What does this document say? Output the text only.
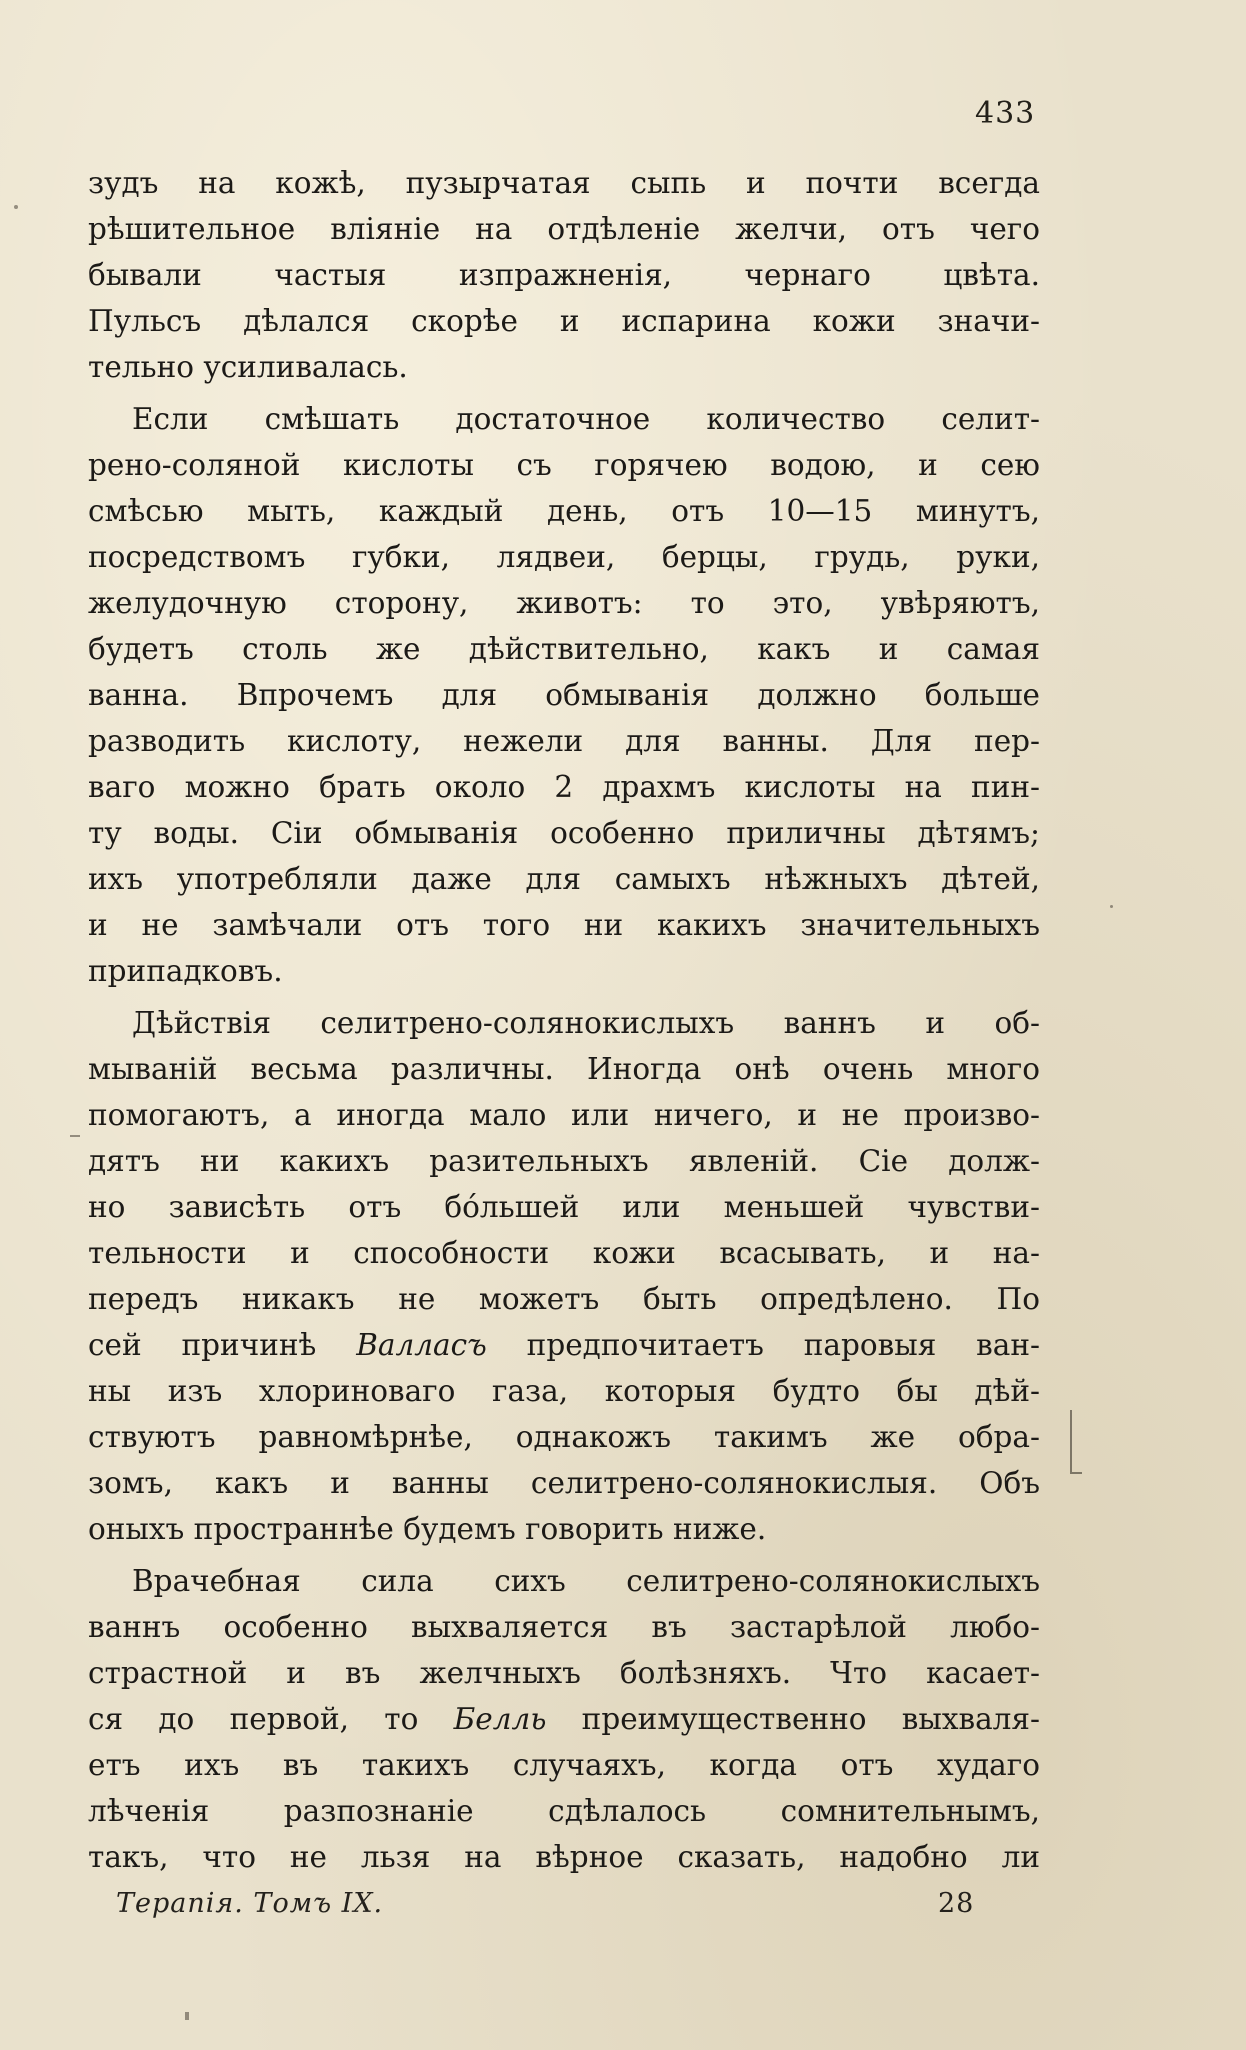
433
зудъ на кожѣ, пузырчатая сыпь и почти всегда
рѣшительное вліяніе на отдѣленіе желчи, отъ чего
бывали частыя изпражненія, чернаго цвѣта.
Пульсъ дѣлался скорѣе и испарина кожи значи-
тельно усиливалась.
Если смѣшать достаточное количество селит-
рено-соляной кислоты съ горячею водою, и сею
смѣсью мыть, каждый день, отъ 10—15 минутъ,
посредствомъ губки, лядвеи, берцы, грудь, руки,
желудочную сторону, животъ: то это, увѣряютъ,
будетъ столь же дѣйствительно, какъ и самая
ванна. Впрочемъ для обмыванія должно больше
разводить кислоту, нежели для ванны. Для пер-
ваго можно брать около 2 драхмъ кислоты на пин-
ту воды. Сіи обмыванія особенно приличны дѣтямъ;
ихъ употребляли даже для самыхъ нѣжныхъ дѣтей,
и не замѣчали отъ того ни какихъ значительныхъ
припадковъ.
Дѣйствія селитрено-солянокислыхъ ваннъ и об-
мываній весьма различны. Иногда онѣ очень много
помогаютъ, а иногда мало или ничего, и не произво-
дятъ ни какихъ разительныхъ явленій. Сіе долж-
но зависѣть отъ бóльшей или меньшей чувстви-
тельности и способности кожи всасывать, и на-
передъ никакъ не можетъ быть опредѣлено. По
сей причинѣ Валласъ предпочитаетъ паровыя ван-
ны изъ хлориноваго газа, которыя будто бы дѣй-
ствуютъ равномѣрнѣе, однакожъ такимъ же обра-
зомъ, какъ и ванны селитрено-солянокислыя. Объ
оныхъ пространнѣе будемъ говорить ниже.
Врачебная сила сихъ селитрено-солянокислыхъ
ваннъ особенно выхваляется въ застарѣлой любо-
страстной и въ желчныхъ болѣзняхъ. Что касает-
ся до первой, то Белль преимущественно выхваля-
етъ ихъ въ такихъ случаяхъ, когда отъ худаго
лѣченія разпознаніе сдѣлалось сомнительнымъ,
такъ, что не льзя на вѣрное сказать, надобно ли
Терапія. Томъ IX.	28
